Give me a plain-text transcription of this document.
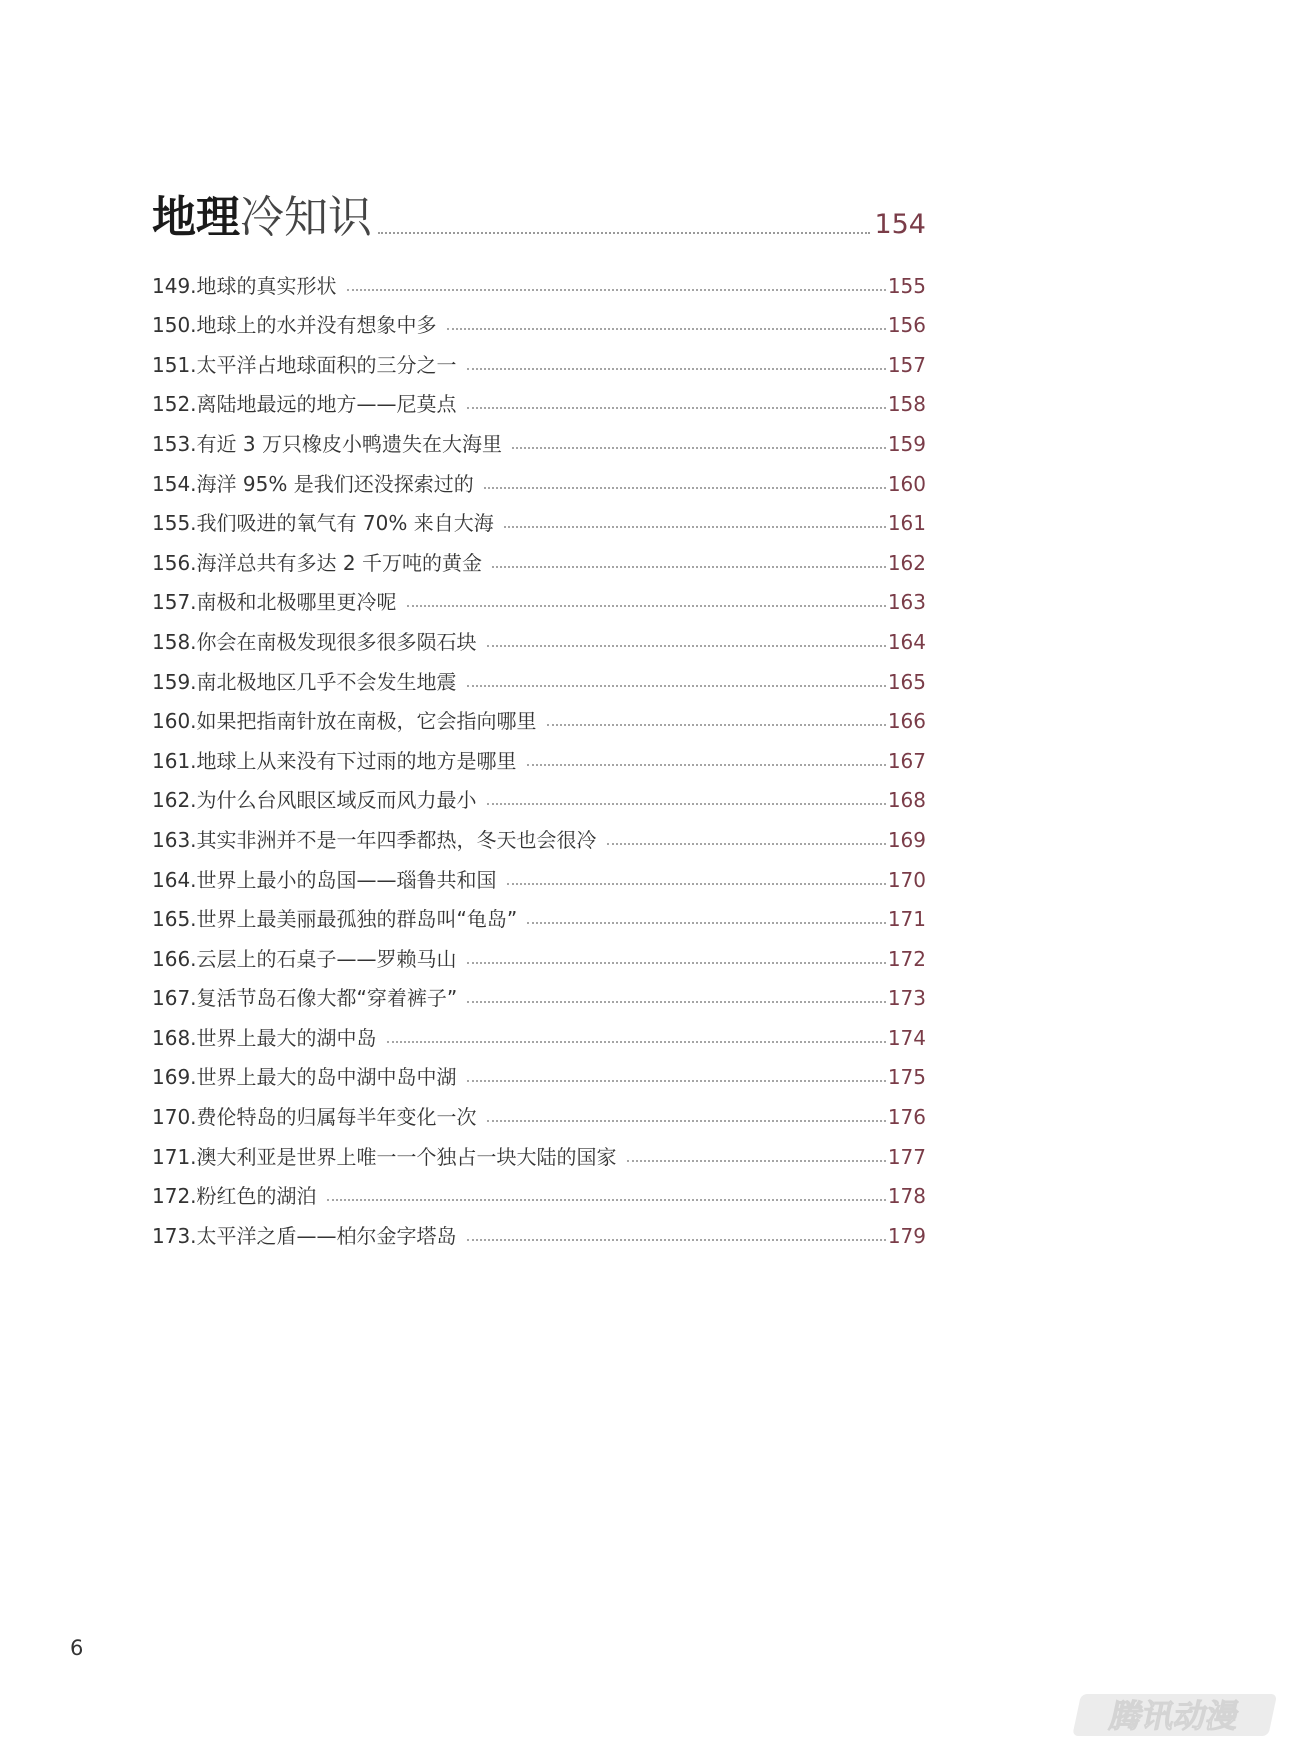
地理 冷知识	154
149. 地球的真实形状	155
150. 地球上的水并没有想象中多	156
151. 太平洋占地球面积的三分之一	157
152. 离陆地最远的地方——尼莫点	158
153. 有近 3 万只橡皮小鸭遗失在大海里	159
154. 海洋 95% 是我们还没探索过的	160
155. 我们吸进的氧气有 70% 来自大海	161
156. 海洋总共有多达 2 千万吨的黄金	162
157. 南极和北极哪里更冷呢	163
158. 你会在南极发现很多很多陨石块	164
159. 南北极地区几乎不会发生地震	165
160. 如果把指南针放在南极，它会指向哪里	166
161. 地球上从来没有下过雨的地方是哪里	167
162. 为什么台风眼区域反而风力最小	168
163. 其实非洲并不是一年四季都热，冬天也会很冷	169
164. 世界上最小的岛国——瑙鲁共和国	170
165. 世界上最美丽最孤独的群岛叫“龟岛”	171
166. 云层上的石桌子——罗赖马山	172
167. 复活节岛石像大都“穿着裤子”	173
168. 世界上最大的湖中岛	174
169. 世界上最大的岛中湖中岛中湖	175
170. 费伦特岛的归属每半年变化一次	176
171. 澳大利亚是世界上唯一一个独占一块大陆的国家	177
172. 粉红色的湖泊	178
173. 太平洋之盾——柏尔金字塔岛	179
6
腾讯动漫
